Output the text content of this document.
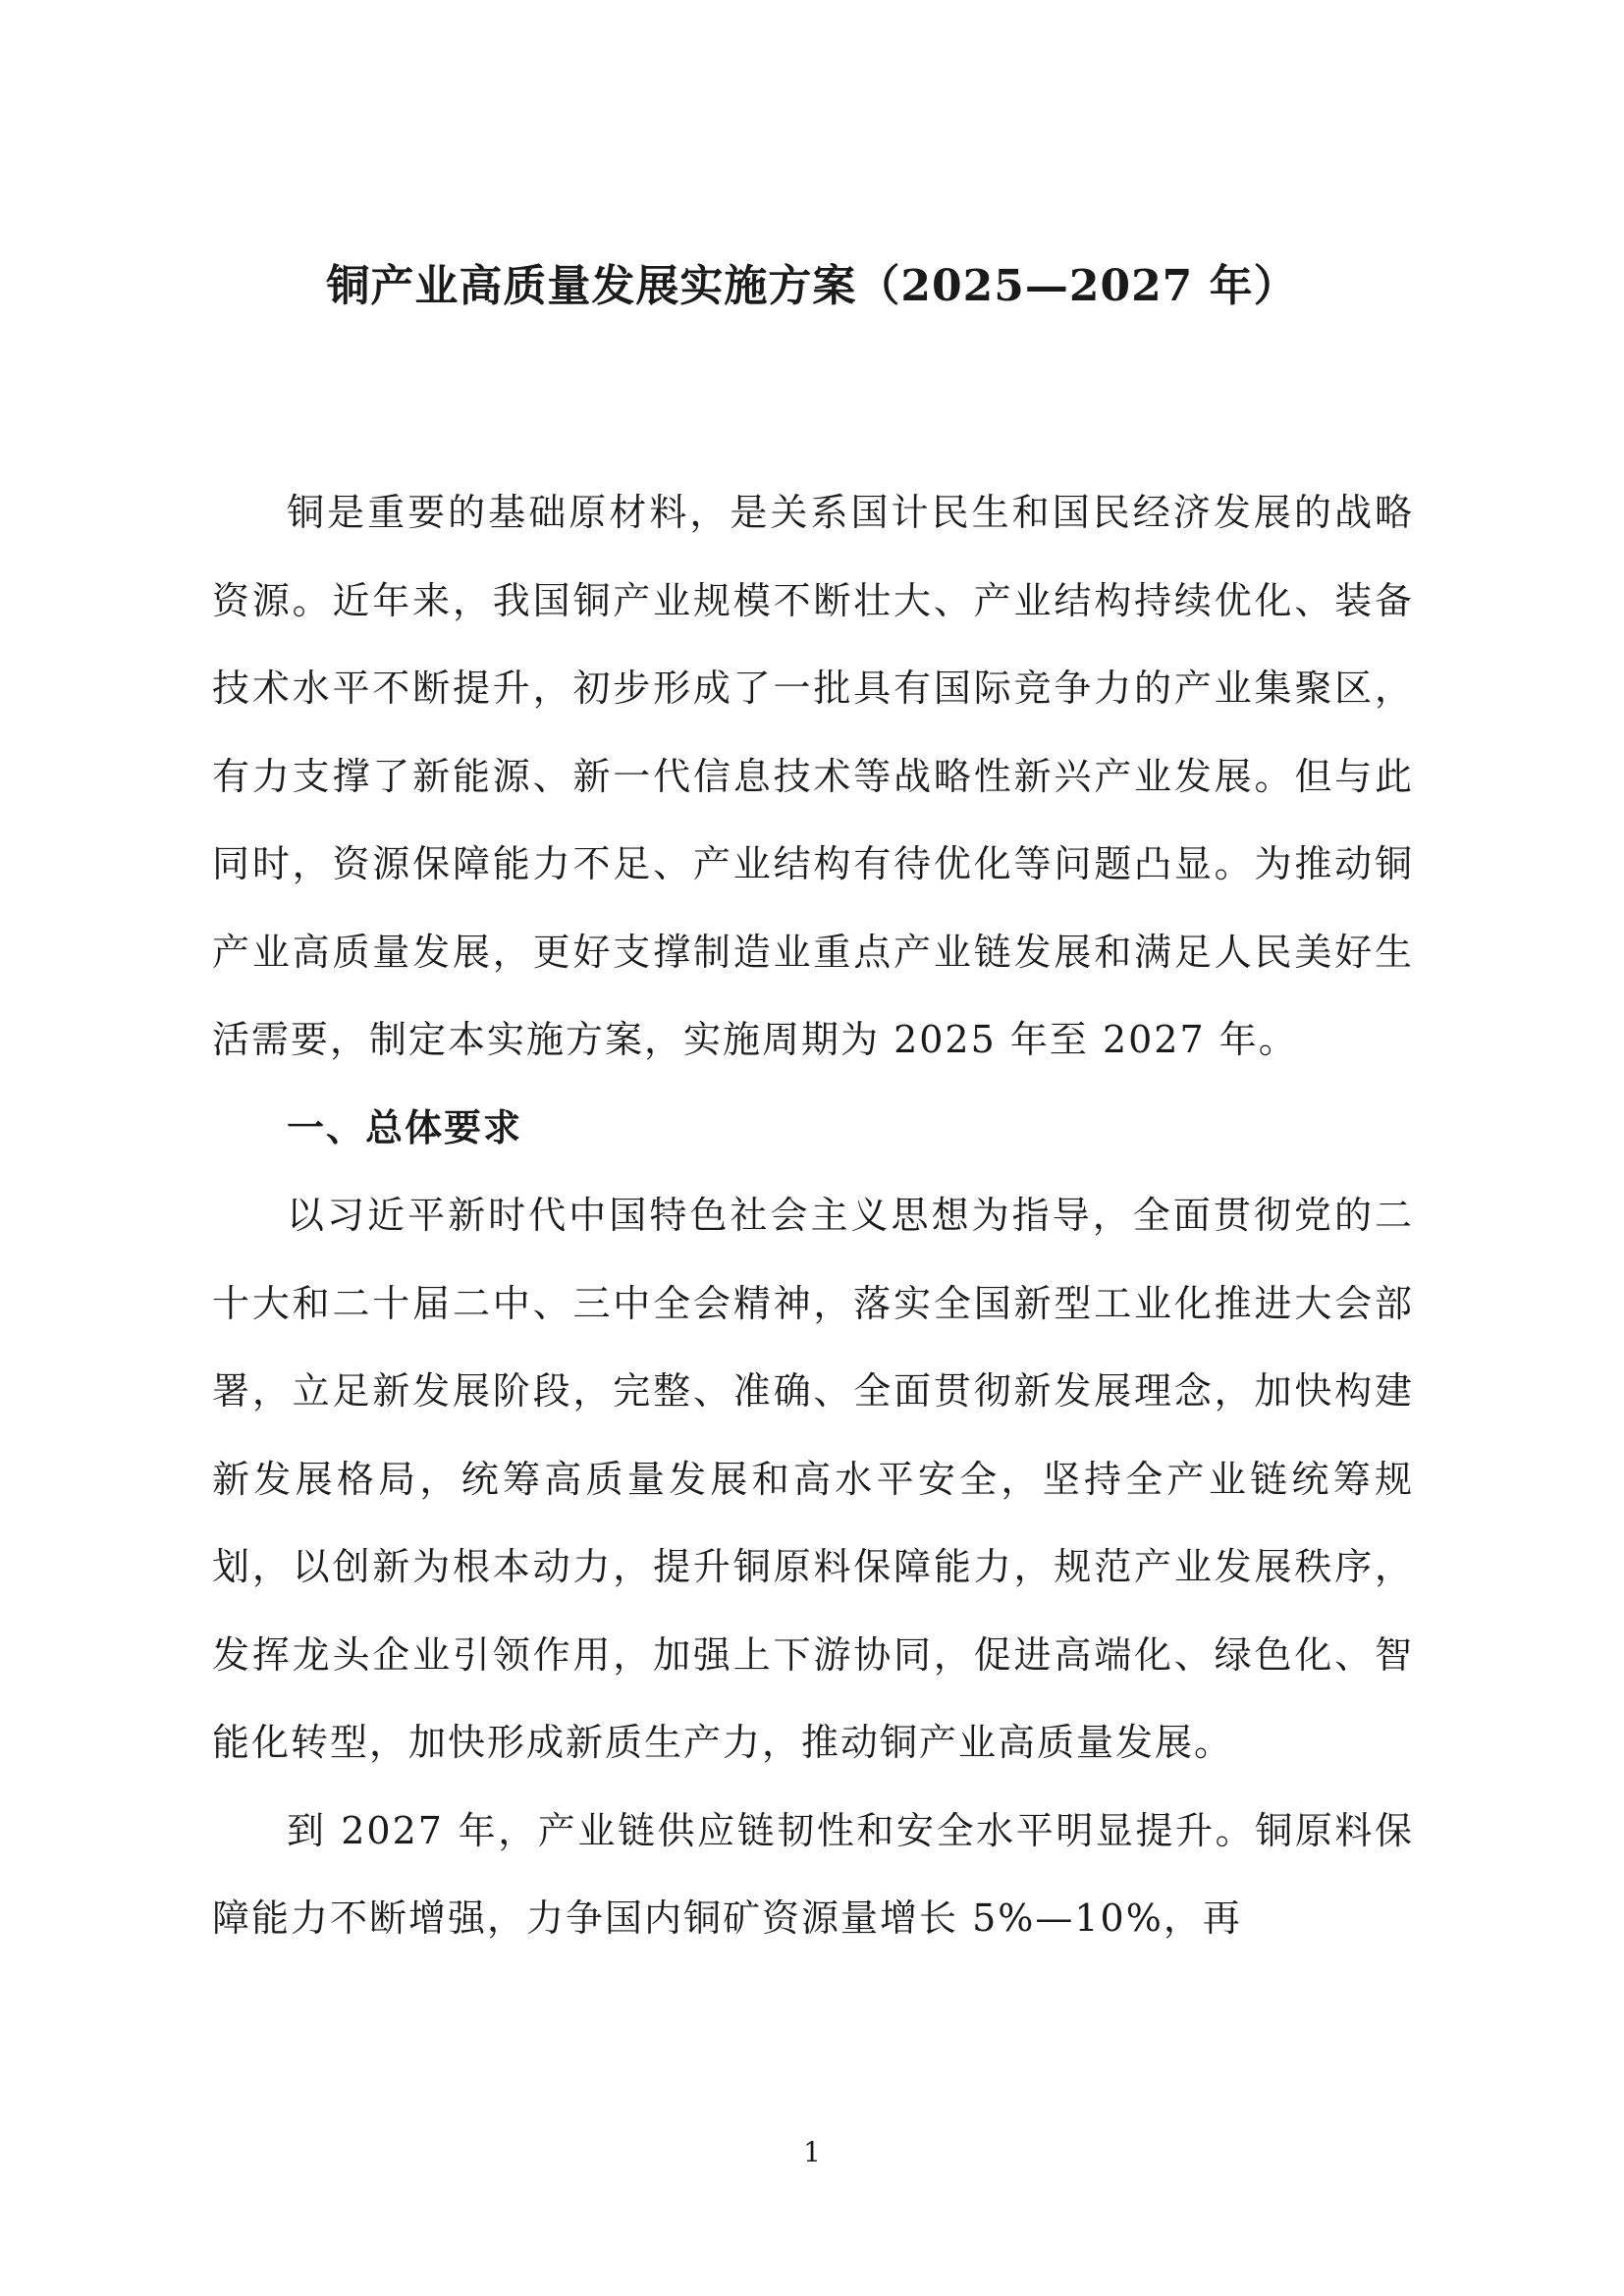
铜产业高质量发展实施方案（2025—2027 年）

铜是重要的基础原材料，是关系国计民生和国民经济发展的战略资源。近年来，我国铜产业规模不断壮大、产业结构持续优化、装备技术水平不断提升，初步形成了一批具有国际竞争力的产业集聚区，有力支撑了新能源、新一代信息技术等战略性新兴产业发展。但与此同时，资源保障能力不足、产业结构有待优化等问题凸显。为推动铜产业高质量发展，更好支撑制造业重点产业链发展和满足人民美好生活需要，制定本实施方案，实施周期为 2025 年至 2027 年。

一、总体要求

以习近平新时代中国特色社会主义思想为指导，全面贯彻党的二十大和二十届二中、三中全会精神，落实全国新型工业化推进大会部署，立足新发展阶段，完整、准确、全面贯彻新发展理念，加快构建新发展格局，统筹高质量发展和高水平安全，坚持全产业链统筹规划，以创新为根本动力，提升铜原料保障能力，规范产业发展秩序，发挥龙头企业引领作用，加强上下游协同，促进高端化、绿色化、智能化转型，加快形成新质生产力，推动铜产业高质量发展。

到 2027 年，产业链供应链韧性和安全水平明显提升。铜原料保障能力不断增强，力争国内铜矿资源量增长 5%—10%，再

1
